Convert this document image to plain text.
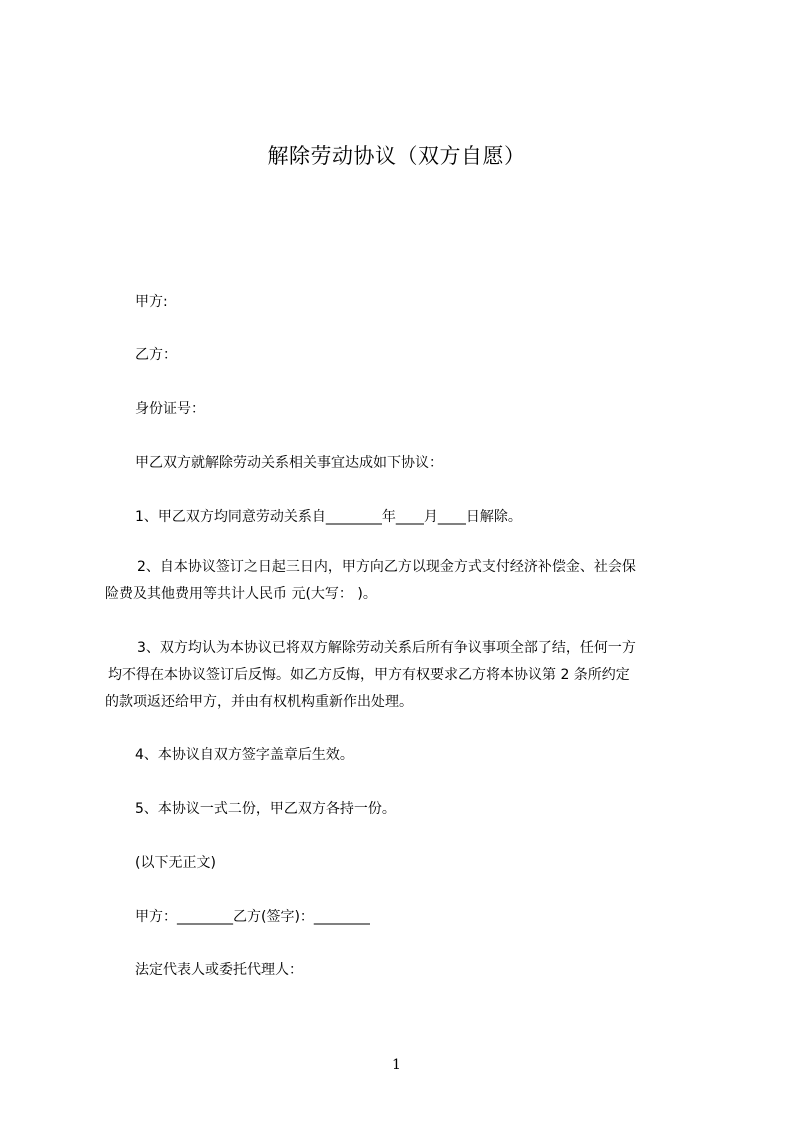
解除劳动协议（双方自愿）
甲方:
乙方：
身份证号：
甲乙双方就解除劳动关系相关事宜达成如下协议：
1、甲乙双方均同意劳动关系自________年____月____日解除。
2、自本协议签订之日起三日内，甲方向乙方以现金方式支付经济补偿金、社会保
险费及其他费用等共计人民币 元(大写： )。
3、双方均认为本协议已将双方解除劳动关系后所有争议事项全部了结，任何一方
均不得在本协议签订后反悔。如乙方反悔，甲方有权要求乙方将本协议第 2 条所约定
的款项返还给甲方，并由有权机构重新作出处理。
4、本协议自双方签字盖章后生效。
5、本协议一式二份，甲乙双方各持一份。
(以下无正文)
甲方：________乙方(签字)：________
法定代表人或委托代理人：
1
